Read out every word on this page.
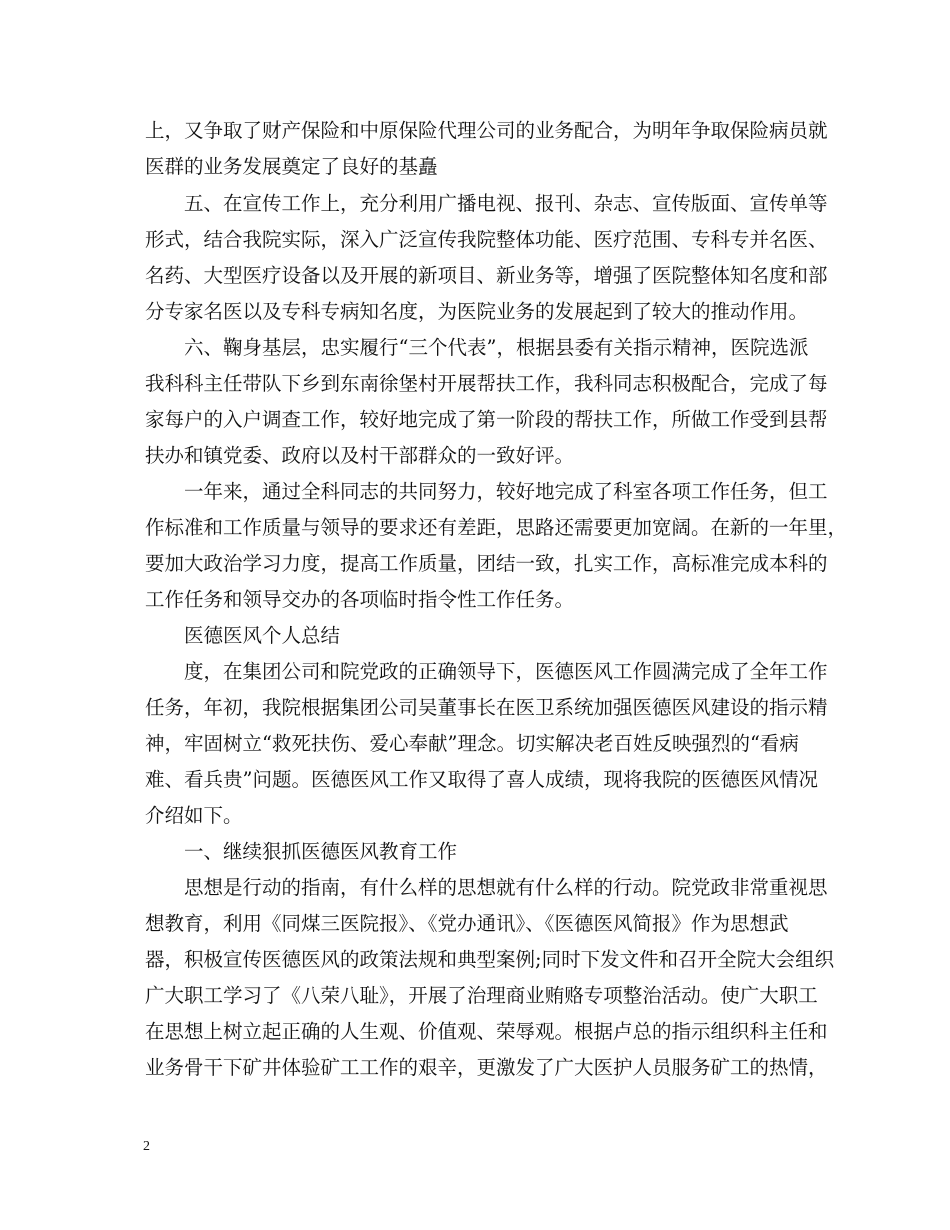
上，又争取了财产保险和中原保险代理公司的业务配合，为明年争取保险病员就
医群的业务发展奠定了良好的基矗
五、在宣传工作上，充分利用广播电视、报刊、杂志、宣传版面、宣传单等
形式，结合我院实际，深入广泛宣传我院整体功能、医疗范围、专科专并名医、
名药、大型医疗设备以及开展的新项目、新业务等，增强了医院整体知名度和部
分专家名医以及专科专病知名度，为医院业务的发展起到了较大的推动作用。
六、鞠身基层，忠实履行“三个代表”，根据县委有关指示精神，医院选派
我科科主任带队下乡到东南徐堡村开展帮扶工作，我科同志积极配合，完成了每
家每户的入户调查工作，较好地完成了第一阶段的帮扶工作，所做工作受到县帮
扶办和镇党委、政府以及村干部群众的一致好评。
一年来，通过全科同志的共同努力，较好地完成了科室各项工作任务，但工
作标准和工作质量与领导的要求还有差距，思路还需要更加宽阔。在新的一年里，
要加大政治学习力度，提高工作质量，团结一致，扎实工作，高标准完成本科的
工作任务和领导交办的各项临时指令性工作任务。
医德医风个人总结
度，在集团公司和院党政的正确领导下，医德医风工作圆满完成了全年工作
任务，年初，我院根据集团公司吴董事长在医卫系统加强医德医风建设的指示精
神，牢固树立“救死扶伤、爱心奉献”理念。切实解决老百姓反映强烈的“看病
难、看兵贵”问题。医德医风工作又取得了喜人成绩，现将我院的医德医风情况
介绍如下。
一、继续狠抓医德医风教育工作
思想是行动的指南，有什么样的思想就有什么样的行动。院党政非常重视思
想教育，利用《同煤三医院报》、《党办通讯》、《医德医风简报》作为思想武
器，积极宣传医德医风的政策法规和典型案例;同时下发文件和召开全院大会组织
广大职工学习了《八荣八耻》，开展了治理商业贿赂专项整治活动。使广大职工
在思想上树立起正确的人生观、价值观、荣辱观。根据卢总的指示组织科主任和
业务骨干下矿井体验矿工工作的艰辛，更激发了广大医护人员服务矿工的热情，
2
